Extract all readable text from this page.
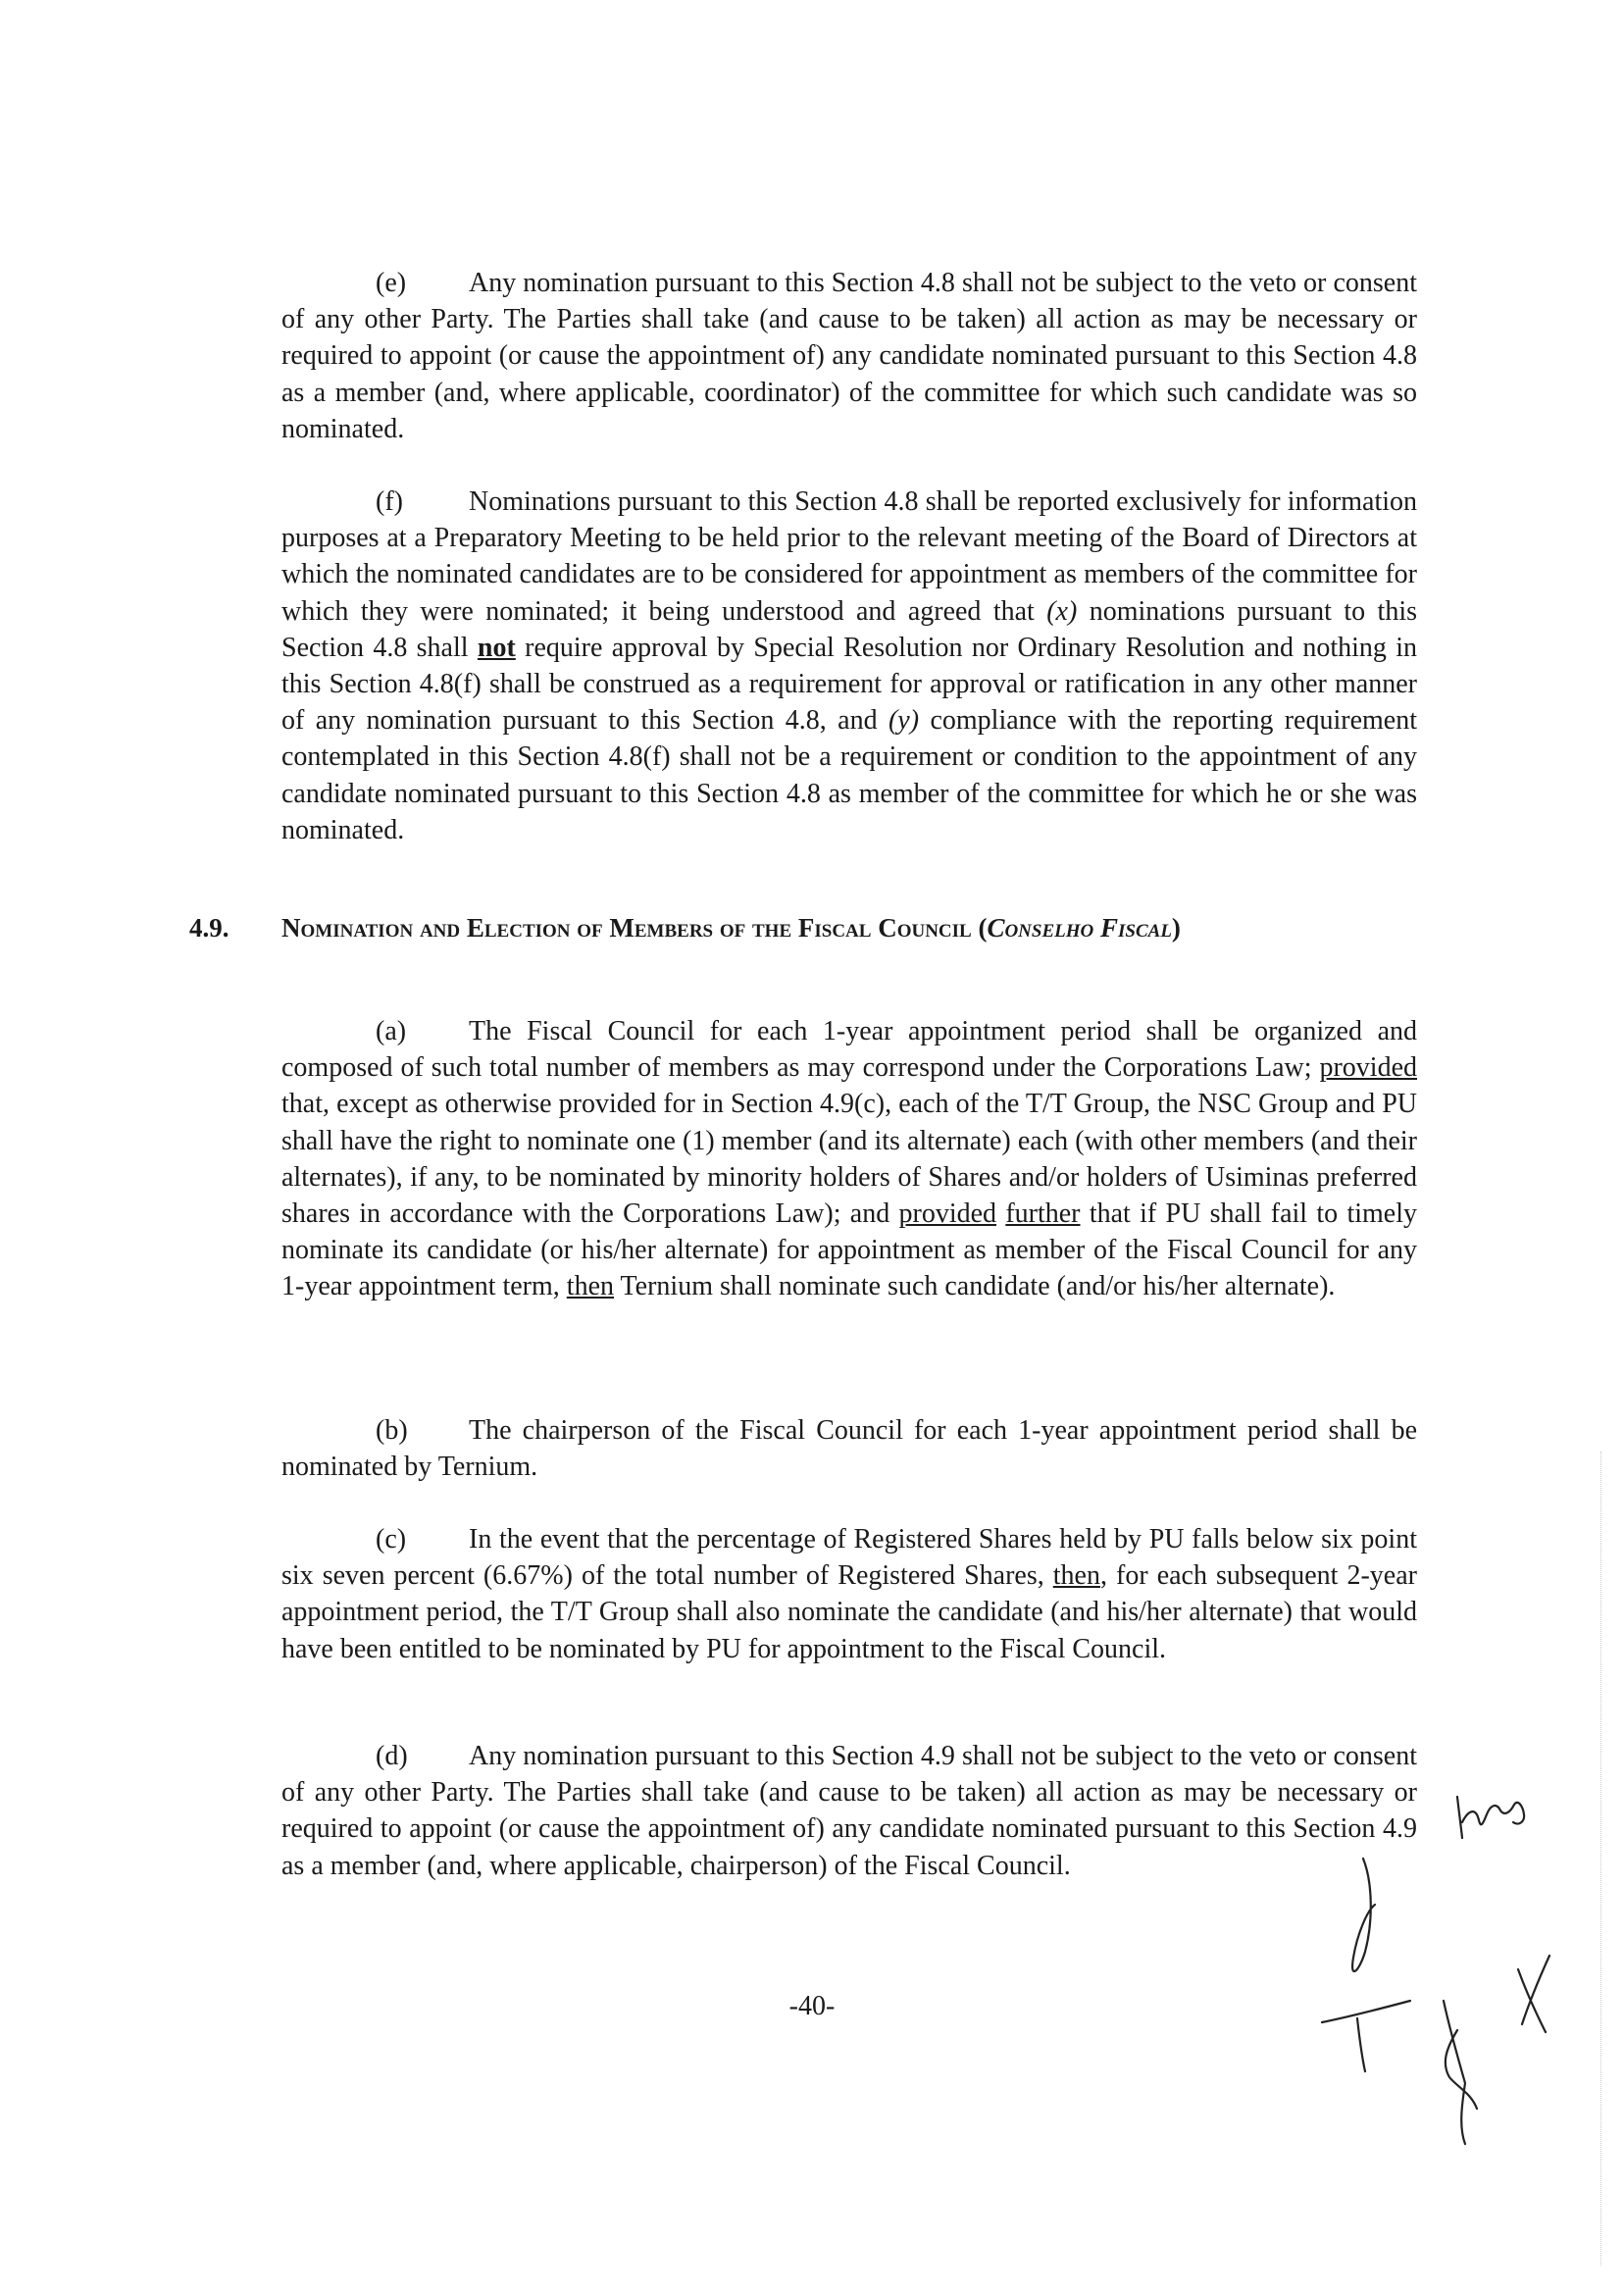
(e) Any nomination pursuant to this Section 4.8 shall not be subject to the veto or consent of any other Party. The Parties shall take (and cause to be taken) all action as may be necessary or required to appoint (or cause the appointment of) any candidate nominated pursuant to this Section 4.8 as a member (and, where applicable, coordinator) of the committee for which such candidate was so nominated.

(f) Nominations pursuant to this Section 4.8 shall be reported exclusively for information purposes at a Preparatory Meeting to be held prior to the relevant meeting of the Board of Directors at which the nominated candidates are to be considered for appointment as members of the committee for which they were nominated; it being understood and agreed that (x) nominations pursuant to this Section 4.8 shall not require approval by Special Resolution nor Ordinary Resolution and nothing in this Section 4.8(f) shall be construed as a requirement for approval or ratification in any other manner of any nomination pursuant to this Section 4.8, and (y) compliance with the reporting requirement contemplated in this Section 4.8(f) shall not be a requirement or condition to the appointment of any candidate nominated pursuant to this Section 4.8 as member of the committee for which he or she was nominated.

4.9. Nomination and Election of Members of the Fiscal Council (Conselho Fiscal)

(a) The Fiscal Council for each 1-year appointment period shall be organized and composed of such total number of members as may correspond under the Corporations Law; provided that, except as otherwise provided for in Section 4.9(c), each of the T/T Group, the NSC Group and PU shall have the right to nominate one (1) member (and its alternate) each (with other members (and their alternates), if any, to be nominated by minority holders of Shares and/or holders of Usiminas preferred shares in accordance with the Corporations Law); and provided further that if PU shall fail to timely nominate its candidate (or his/her alternate) for appointment as member of the Fiscal Council for any 1-year appointment term, then Ternium shall nominate such candidate (and/or his/her alternate).

(b) The chairperson of the Fiscal Council for each 1-year appointment period shall be nominated by Ternium.

(c) In the event that the percentage of Registered Shares held by PU falls below six point six seven percent (6.67%) of the total number of Registered Shares, then, for each subsequent 2-year appointment period, the T/T Group shall also nominate the candidate (and his/her alternate) that would have been entitled to be nominated by PU for appointment to the Fiscal Council.

(d) Any nomination pursuant to this Section 4.9 shall not be subject to the veto or consent of any other Party. The Parties shall take (and cause to be taken) all action as may be necessary or required to appoint (or cause the appointment of) any candidate nominated pursuant to this Section 4.9 as a member (and, where applicable, chairperson) of the Fiscal Council.

-40-
